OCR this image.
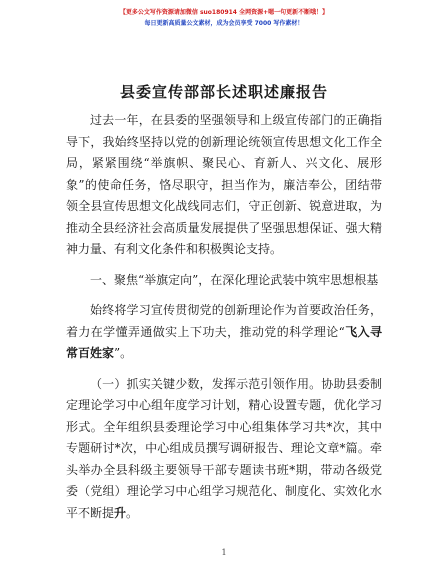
【更多公文写作资源请加微信 suo180914 全网资源+嗯一句更新不断哦！】
每日更新高质量公文素材，成为会员享受 7000 写作素材！
县委宣传部部长述职述廉报告

过去一年，在县委的坚强领导和上级宣传部门的正确指导下，我始终坚持以党的创新理论统领宣传思想文化工作全局，紧紧围绕“举旗帜、聚民心、育新人、兴文化、展形象”的使命任务，恪尽职守，担当作为，廉洁奉公，团结带领全县宣传思想文化战线同志们，守正创新、锐意进取，为推动全县经济社会高质量发展提供了坚强思想保证、强大精神力量、有利文化条件和积极舆论支持。

一、聚焦“举旗定向”，在深化理论武装中筑牢思想根基

始终将学习宣传贯彻党的创新理论作为首要政治任务，着力在学懂弄通做实上下功夫，推动党的科学理论“飞入寻常百姓家”。

（一）抓实关键少数，发挥示范引领作用。协助县委制定理论学习中心组年度学习计划，精心设置专题，优化学习形式。全年组织县委理论学习中心组集体学习共*次，其中专题研讨*次，中心组成员撰写调研报告、理论文章*篇。牵头举办全县科级主要领导干部专题读书班*期，带动各级党委（党组）理论学习中心组学习规范化、制度化、实效化水平不断提升。

1
